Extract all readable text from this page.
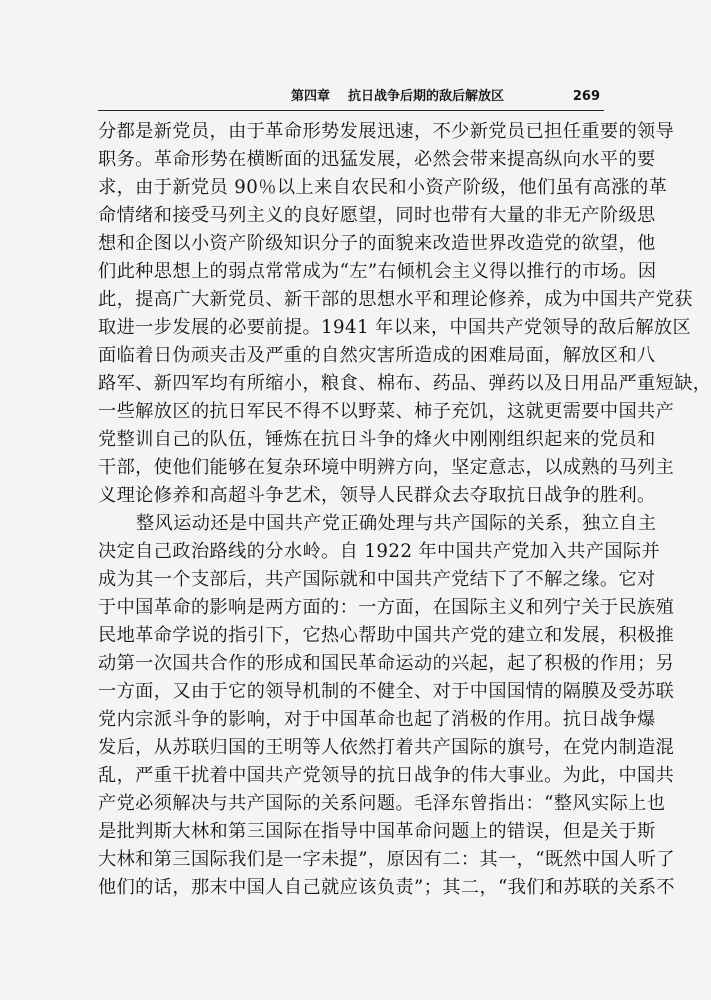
第四章 抗日战争后期的敌后解放区	269
分都是新党员，由于革命形势发展迅速，不少新党员已担任重要的领导
职务。革命形势在横断面的迅猛发展，必然会带来提高纵向水平的要
求，由于新党员 90％以上来自农民和小资产阶级，他们虽有高涨的革
命情绪和接受马列主义的良好愿望，同时也带有大量的非无产阶级思
想和企图以小资产阶级知识分子的面貌来改造世界改造党的欲望，他
们此种思想上的弱点常常成为“左”右倾机会主义得以推行的市场。因
此，提高广大新党员、新干部的思想水平和理论修养，成为中国共产党获
取进一步发展的必要前提。1941 年以来，中国共产党领导的敌后解放区
面临着日伪顽夹击及严重的自然灾害所造成的困难局面，解放区和八
路军、新四军均有所缩小，粮食、棉布、药品、弹药以及日用品严重短缺，
一些解放区的抗日军民不得不以野菜、柿子充饥，这就更需要中国共产
党整训自己的队伍，锤炼在抗日斗争的烽火中刚刚组织起来的党员和
干部，使他们能够在复杂环境中明辨方向，坚定意志，以成熟的马列主
义理论修养和高超斗争艺术，领导人民群众去夺取抗日战争的胜利。
整风运动还是中国共产党正确处理与共产国际的关系，独立自主
决定自己政治路线的分水岭。自 1922 年中国共产党加入共产国际并
成为其一个支部后，共产国际就和中国共产党结下了不解之缘。它对
于中国革命的影响是两方面的：一方面，在国际主义和列宁关于民族殖
民地革命学说的指引下，它热心帮助中国共产党的建立和发展，积极推
动第一次国共合作的形成和国民革命运动的兴起，起了积极的作用；另
一方面，又由于它的领导机制的不健全、对于中国国情的隔膜及受苏联
党内宗派斗争的影响，对于中国革命也起了消极的作用。抗日战争爆
发后，从苏联归国的王明等人依然打着共产国际的旗号，在党内制造混
乱，严重干扰着中国共产党领导的抗日战争的伟大事业。为此，中国共
产党必须解决与共产国际的关系问题。毛泽东曾指出：“整风实际上也
是批判斯大林和第三国际在指导中国革命问题上的错误，但是关于斯
大林和第三国际我们是一字未提”，原因有二：其一，“既然中国人听了
他们的话，那末中国人自己就应该负责”；其二，“我们和苏联的关系不
